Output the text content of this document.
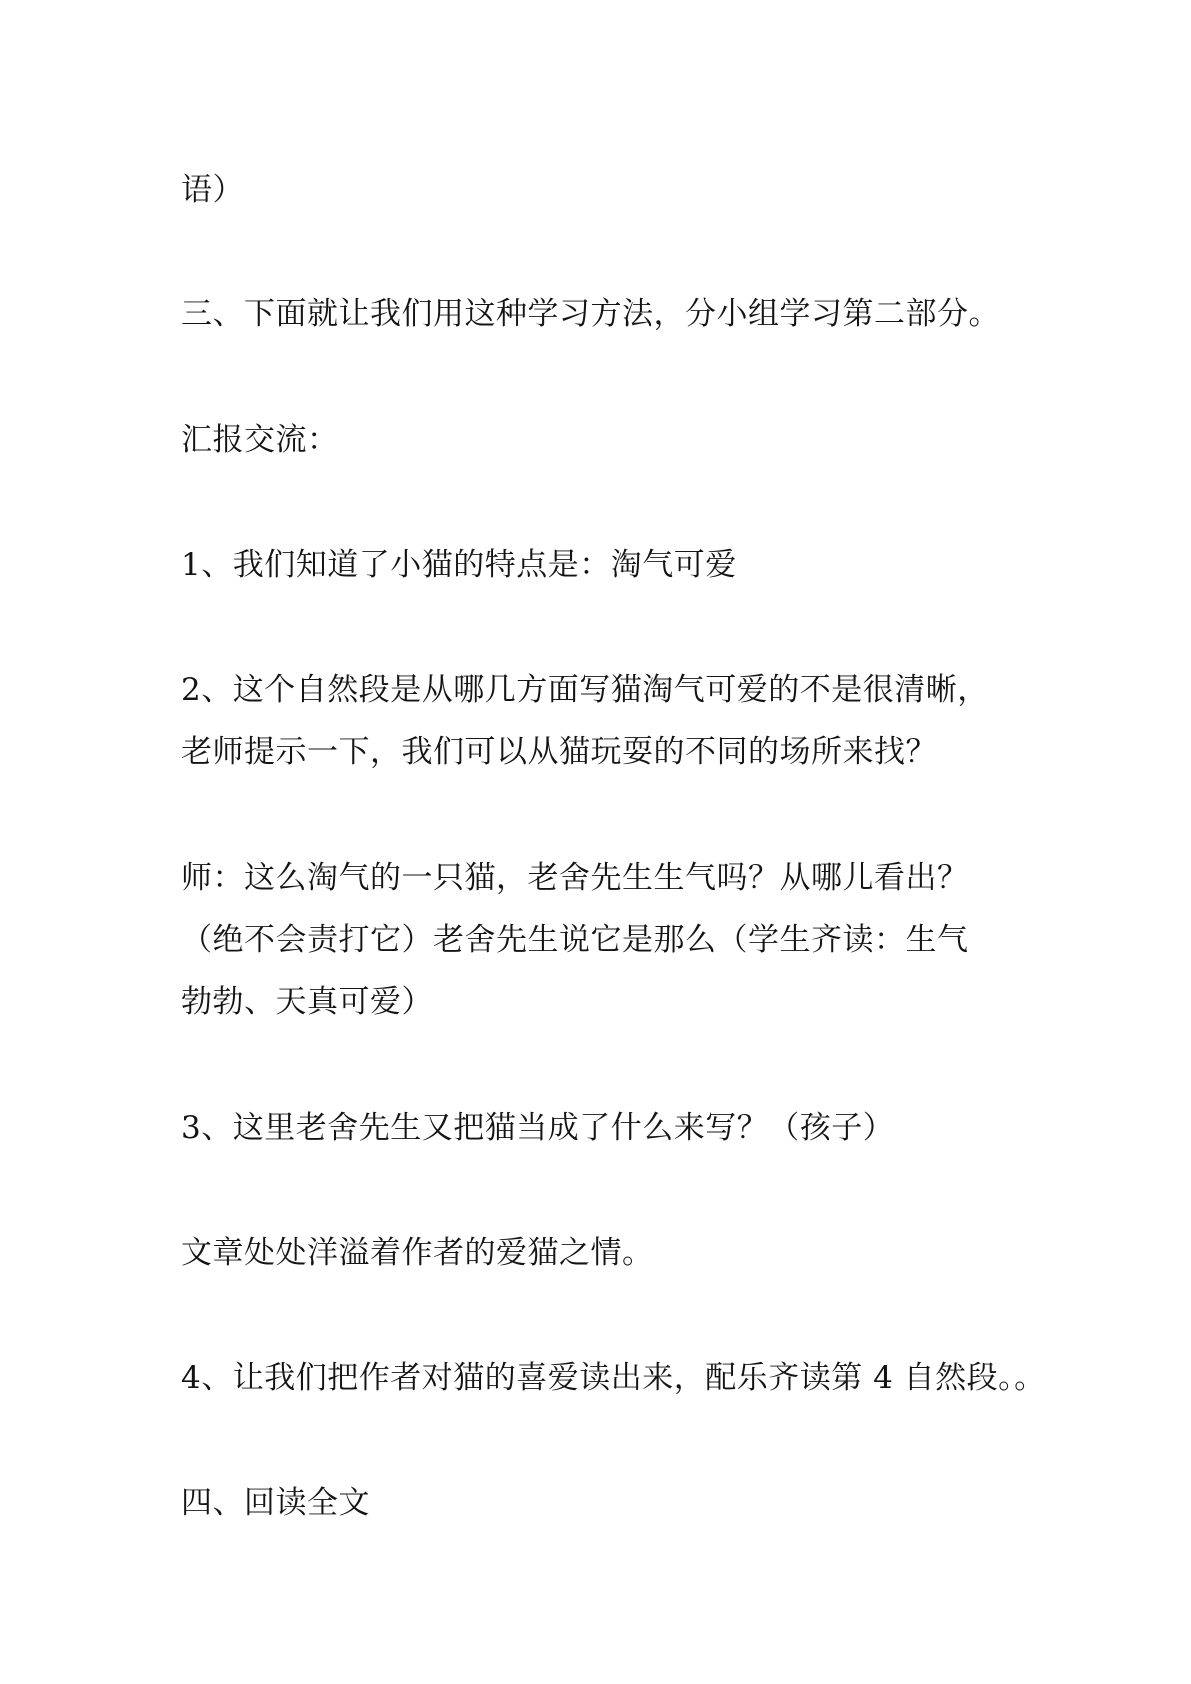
语）
三、下面就让我们用这种学习方法，分小组学习第二部分。
汇报交流：
1、我们知道了小猫的特点是：淘气可爱
2、这个自然段是从哪几方面写猫淘气可爱的不是很清晰，
老师提示一下，我们可以从猫玩耍的不同的场所来找？
师：这么淘气的一只猫，老舍先生生气吗？从哪儿看出？
（绝不会责打它）老舍先生说它是那么（学生齐读：生气
勃勃、天真可爱）
3、这里老舍先生又把猫当成了什么来写？（孩子）
文章处处洋溢着作者的爱猫之情。
4、让我们把作者对猫的喜爱读出来，配乐齐读第 4 自然段。。
四、回读全文
